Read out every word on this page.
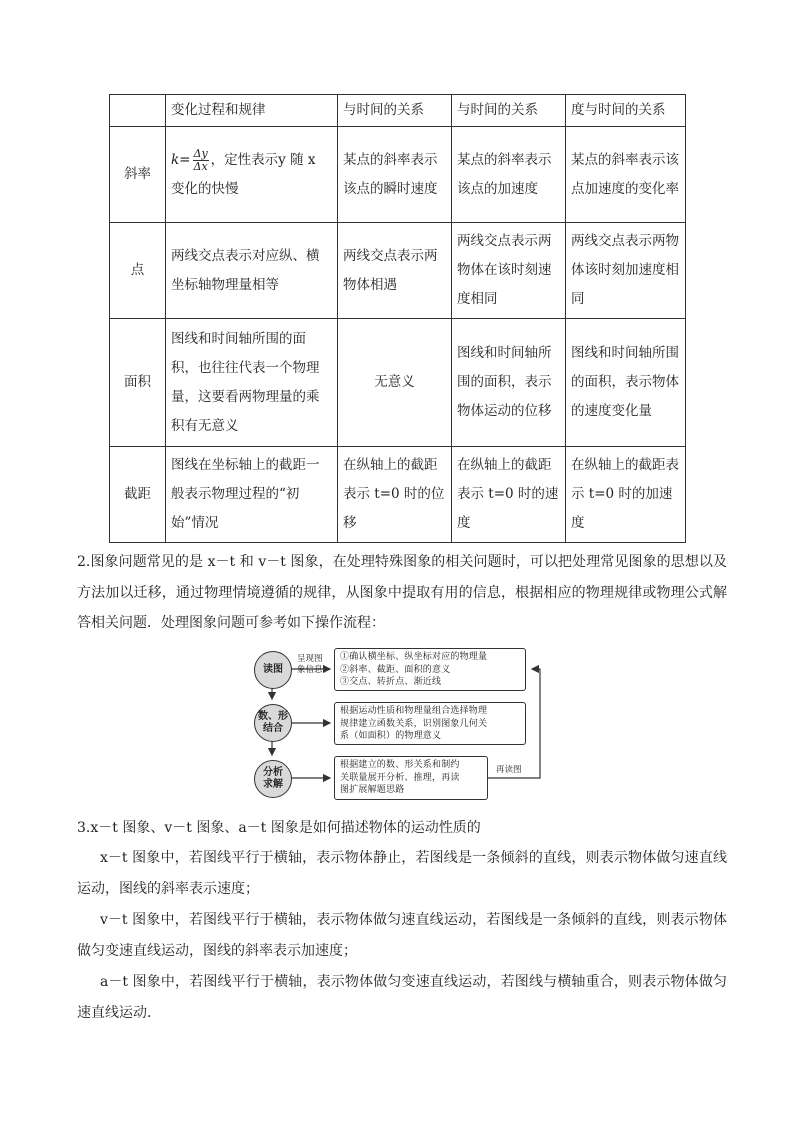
	变化过程和规律	与时间的关系	与时间的关系	度与时间的关系
斜率	$k= \frac{\Delta y}{\Delta x}$ ，定性表示y 随 x 变化的快慢	某点的斜率表示该点的瞬时速度	某点的斜率表示该点的加速度	某点的斜率表示该点加速度的变化率
点	两线交点表示对应纵、横坐标轴物理量相等	两线交点表示两物体相遇	两线交点表示两物体在该时刻速度相同	两线交点表示两物体该时刻加速度相同
面积	图线和时间轴所围的面积，也往往代表一个物理量，这要看两物理量的乘积有无意义	无意义	图线和时间轴所围的面积，表示物体运动的位移	图线和时间轴所围的面积，表示物体的速度变化量
截距	图线在坐标轴上的截距一般表示物理过程的“初始”情况	在纵轴上的截距表示 t=0 时的位移	在纵轴上的截距表示 t=0 时的速度	在纵轴上的截距表示 t=0 时的加速度
2.图象问题常见的是 x－t 和 v－t 图象，在处理特殊图象的相关问题时，可以把处理常见图象的思想以及方法加以迁移，通过物理情境遵循的规律，从图象中提取有用的信息，根据相应的物理规律或物理公式解答相关问题．处理图象问题可参考如下操作流程：
读图
数、形
结合
分析
求解
呈现图
象信息
①确认横坐标、纵坐标对应的物理量
②斜率、截距、面积的意义
③交点、转折点、渐近线
根据运动性质和物理量组合选择物理
规律建立函数关系，识别图象几何关
系（如面积）的物理意义
根据建立的数、形关系和制约
关联量展开分析、推理，再读
图扩展解题思路
再读图
3.x－t 图象、v－t 图象、a－t 图象是如何描述物体的运动性质的
x－t 图象中，若图线平行于横轴，表示物体静止，若图线是一条倾斜的直线，则表示物体做匀速直线运动，图线的斜率表示速度；
v－t 图象中，若图线平行于横轴，表示物体做匀速直线运动，若图线是一条倾斜的直线，则表示物体做匀变速直线运动，图线的斜率表示加速度；
a－t 图象中，若图线平行于横轴，表示物体做匀变速直线运动，若图线与横轴重合，则表示物体做匀速直线运动．
